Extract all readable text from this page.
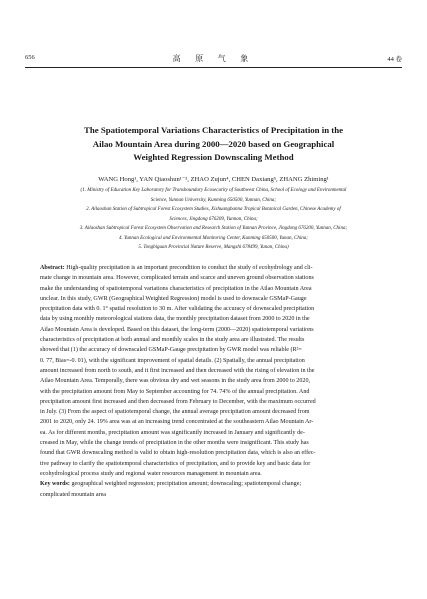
656	高 原 气 象	44 卷
The Spatiotemporal Variations Characteristics of Precipitation in the
Ailao Mountain Area during 2000—2020 based on Geographical
Weighted Regression Downscaling Method
WANG Hong¹, YAN Qiaoshun¹⁻³, ZHAO Zujun⁴, CHEN Daxiang⁵, ZHANG Zhiming¹
(1. Ministry of Education Key Laboratory for Transboundary Ecosecurity of Southwest China, School of Ecology and Environmental
Science, Yunnan University, Kunming 650500, Yunnan, China;
2. Ailaoshan Station of Subtropical Forest Ecosystem Studies, Xishuangbanna Tropical Botanical Garden, Chinese Academy of
Sciences, Jingdong 676209, Yunnan, China;
3. Ailaoshan Subtropical Forest Ecosystem Observation and Research Station of Yunnan Province, Jingdong 676200, Yunnan, China;
4. Yunnan Ecological and Environmental Monitoring Center, Kunming 650500, Yunan, China;
5. Tongbiguan Provincial Nature Reserve, Mangshi 678499, Yunan, China)
Abstract: High-quality precipitation is an important precondition to conduct the study of ecohydrology and cli-
mate change in mountain area. However, complicated terrain and scarce and uneven ground observation stations
make the understanding of spatiotemporal variations characteristics of precipitation in the Ailao Mountain Area
unclear. In this study, GWR (Geographical Weighted Regression) model is used to downscale GSMaP-Gauge
precipitation data with 0. 1° spatial resolution to 30 m. After validating the accuracy of downscaled precipitation
data by using monthly meteorological stations data, the monthly precipitation dataset from 2000 to 2020 in the
Ailao Mountain Area is developed. Based on this dataset, the long-term (2000—2020) spatiotemporal variations
characteristics of precipitation at both annual and monthly scales in the study area are illustrated. The results
showed that (1) the accuracy of downscaled GSMaP-Gauge precipitation by GWR model was reliable (R²=
0. 77, Bias=-0. 01), with the significant improvement of spatial details. (2) Spatially, the annual precipitation
amount increased from north to south, and it first increased and then decreased with the rising of elevation in the
Ailao Mountain Area. Temporally, there was obvious dry and wet seasons in the study area from 2000 to 2020,
with the precipitation amount from May to September accounting for 74. 74% of the annual precipitation. And
precipitation amount first increased and then decreased from February to December, with the maximum occurred
in July. (3) From the aspect of spatiotemporal change, the annual average precipitation amount decreased from
2001 to 2020, only 24. 19% area was at an increasing trend concentrated at the southeastern Ailao Mountain Ar-
ea. As for different months, precipitation amount was significantly increased in January and significantly de-
creased in May, while the change trends of precipitation in the other months were insignificant. This study has
found that GWR downscaling method is valid to obtain high-resolution precipitation data, which is also an effec-
tive pathway to clarify the spatiotemporal characteristics of precipitation, and to provide key and basic data for
ecohydrological process study and regional water resources management in mountain area.
Key words: geographical weighted regression; precipitation amount; downscaling; spatiotemporal change;
complicated mountain area
